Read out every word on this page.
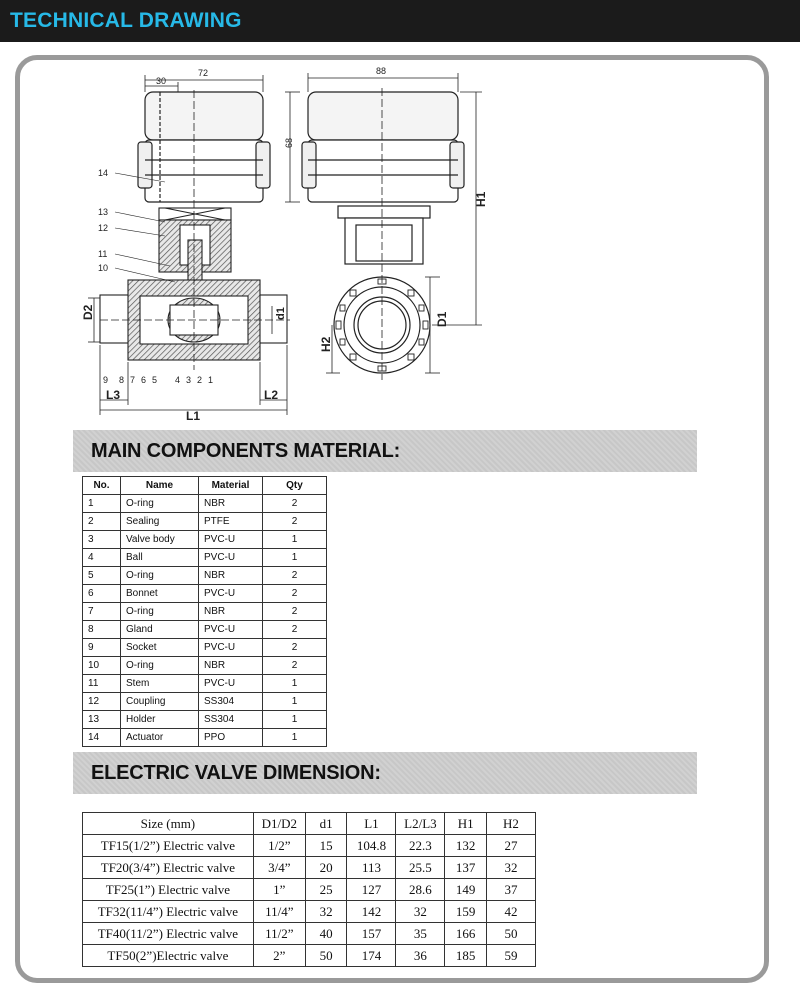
TECHNICAL DRAWING
72
30
14
13
12
11
10
9 8 7 6 5 4 3 2 1
D2	d1
L3
L1
L2
88
68
H1
D1
H2
MAIN COMPONENTS MATERIAL:
No.	Name	Material	Qty
1	O-ring	NBR	2
2	Sealing	PTFE	2
3	Valve body	PVC-U	1
4	Ball	PVC-U	1
5	O-ring	NBR	2
6	Bonnet	PVC-U	2
7	O-ring	NBR	2
8	Gland	PVC-U	2
9	Socket	PVC-U	2
10	O-ring	NBR	2
11	Stem	PVC-U	1
12	Coupling	SS304	1
13	Holder	SS304	1
14	Actuator	PPO	1
ELECTRIC VALVE DIMENSION:
Size (mm)	D1/D2	d1	L1	L2/L3	H1	H2
TF15(1/2”) Electric valve	1/2”	15	104.8	22.3	132	27
TF20(3/4”) Electric valve	3/4”	20	113	25.5	137	32
TF25(1”) Electric valve	1”	25	127	28.6	149	37
TF32(11/4”) Electric valve	11/4”	32	142	32	159	42
TF40(11/2”) Electric valve	11/2”	40	157	35	166	50
TF50(2”)Electric valve	2”	50	174	36	185	59
